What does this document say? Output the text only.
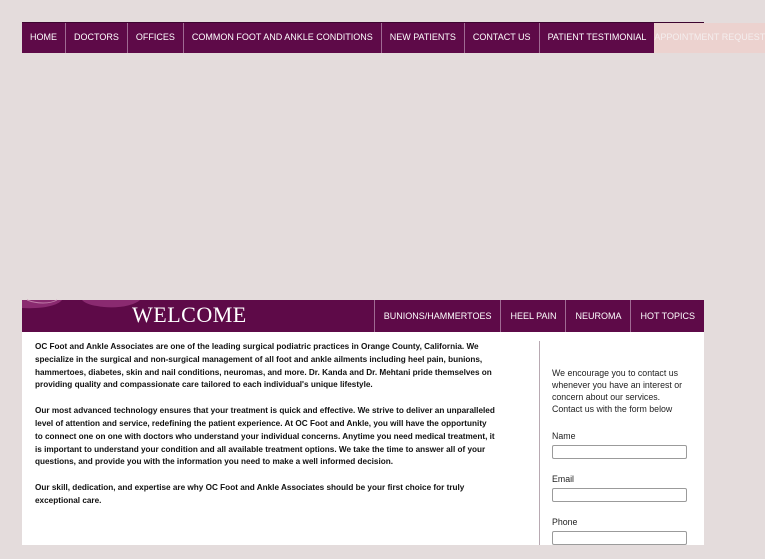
HOME	DOCTORS	OFFICES	COMMON FOOT AND ANKLE CONDITIONS	NEW PATIENTS	CONTACT US	PATIENT TESTIMONIAL APPOINTMENT REQUEST
WELCOME	BUNIONS/HAMMERTOES	HEEL PAIN	NEUROMA	HOT TOPICS

OC Foot and Ankle Associates are one of the leading surgical podiatric practices in Orange County, California. We specialize in the surgical and non-surgical management of all foot and ankle ailments including heel pain, bunions, hammertoes, diabetes, skin and nail conditions, neuromas, and more. Dr. Kanda and Dr. Mehtani pride themselves on providing quality and compassionate care tailored to each individual's unique lifestyle.

Our most advanced technology ensures that your treatment is quick and effective. We strive to deliver an unparalleled level of attention and service, redefining the patient experience. At OC Foot and Ankle, you will have the opportunity to connect one on one with doctors who understand your individual concerns. Anytime you need medical treatment, it is important to understand your condition and all available treatment options. We take the time to answer all of your questions, and provide you with the information you need to make a well informed decision.

Our skill, dedication, and expertise are why OC Foot and Ankle Associates should be your first choice for truly exceptional care.

We encourage you to contact us whenever you have an interest or concern about our services. Contact us with the form below

Name
Email
Phone
